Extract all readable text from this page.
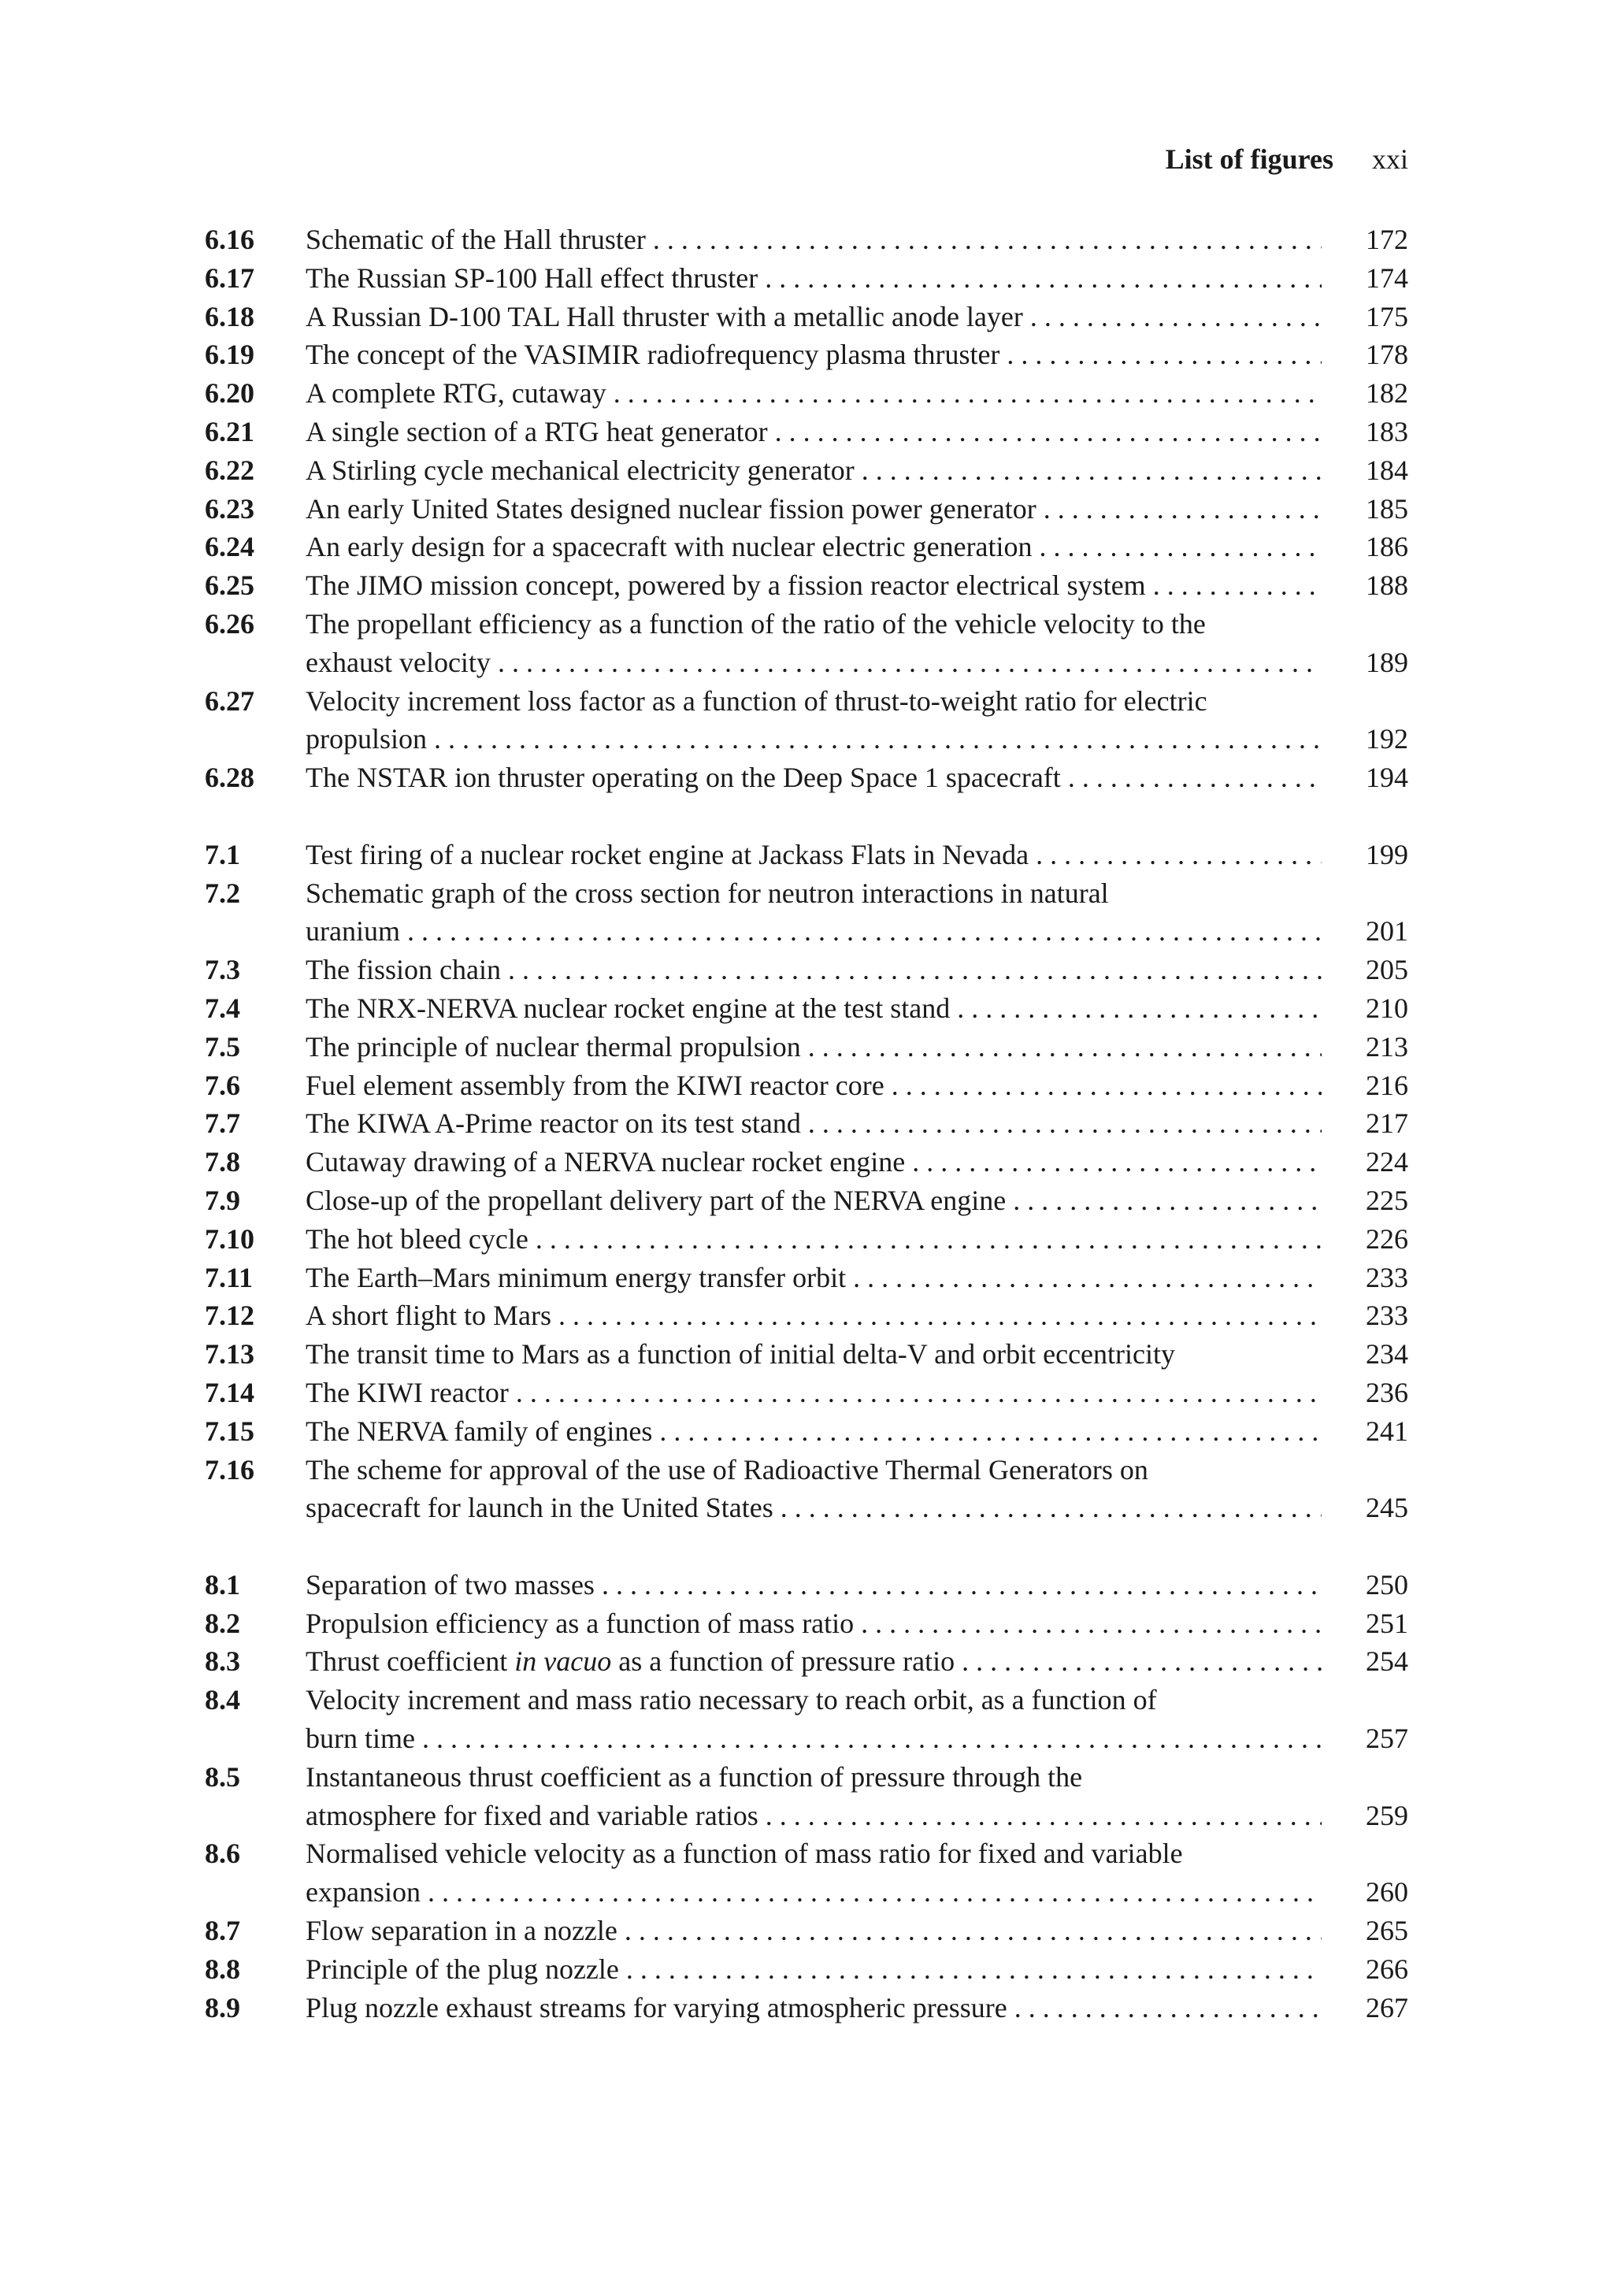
List of figures xxi
6.16 Schematic of the Hall thruster . . .	172
6.17 The Russian SP-100 Hall effect thruster . . .	174
6.18 A Russian D-100 TAL Hall thruster with a metallic anode layer . . .	175
6.19 The concept of the VASIMIR radiofrequency plasma thruster . . .	178
6.20 A complete RTG, cutaway . . .	182
6.21 A single section of a RTG heat generator . . .	183
6.22 A Stirling cycle mechanical electricity generator . . .	184
6.23 An early United States designed nuclear fission power generator . . .	185
6.24 An early design for a spacecraft with nuclear electric generation . . .	186
6.25 The JIMO mission concept, powered by a fission reactor electrical system . . .	188
6.26 The propellant efficiency as a function of the ratio of the vehicle velocity to the
exhaust velocity . . .	189
6.27 Velocity increment loss factor as a function of thrust-to-weight ratio for electric
propulsion . . .	192
6.28 The NSTAR ion thruster operating on the Deep Space 1 spacecraft . . .	194
7.1 Test firing of a nuclear rocket engine at Jackass Flats in Nevada . . .	199
7.2 Schematic graph of the cross section for neutron interactions in natural
uranium . . .	201
7.3 The fission chain . . .	205
7.4 The NRX-NERVA nuclear rocket engine at the test stand . . .	210
7.5 The principle of nuclear thermal propulsion . . .	213
7.6 Fuel element assembly from the KIWI reactor core . . .	216
7.7 The KIWA A-Prime reactor on its test stand . . .	217
7.8 Cutaway drawing of a NERVA nuclear rocket engine . . .	224
7.9 Close-up of the propellant delivery part of the NERVA engine . . .	225
7.10 The hot bleed cycle . . .	226
7.11 The Earth–Mars minimum energy transfer orbit . . .	233
7.12 A short flight to Mars . . .	233
7.13 The transit time to Mars as a function of initial delta-V and orbit eccentricity	234
7.14 The KIWI reactor . . .	236
7.15 The NERVA family of engines . . .	241
7.16 The scheme for approval of the use of Radioactive Thermal Generators on
spacecraft for launch in the United States . . .	245
8.1 Separation of two masses . . .	250
8.2 Propulsion efficiency as a function of mass ratio . . .	251
8.3 Thrust coefficient in vacuo as a function of pressure ratio . . .	254
8.4 Velocity increment and mass ratio necessary to reach orbit, as a function of
burn time . . .	257
8.5 Instantaneous thrust coefficient as a function of pressure through the
atmosphere for fixed and variable ratios . . .	259
8.6 Normalised vehicle velocity as a function of mass ratio for fixed and variable
expansion . . .	260
8.7 Flow separation in a nozzle . . .	265
8.8 Principle of the plug nozzle . . .	266
8.9 Plug nozzle exhaust streams for varying atmospheric pressure . . .	267
